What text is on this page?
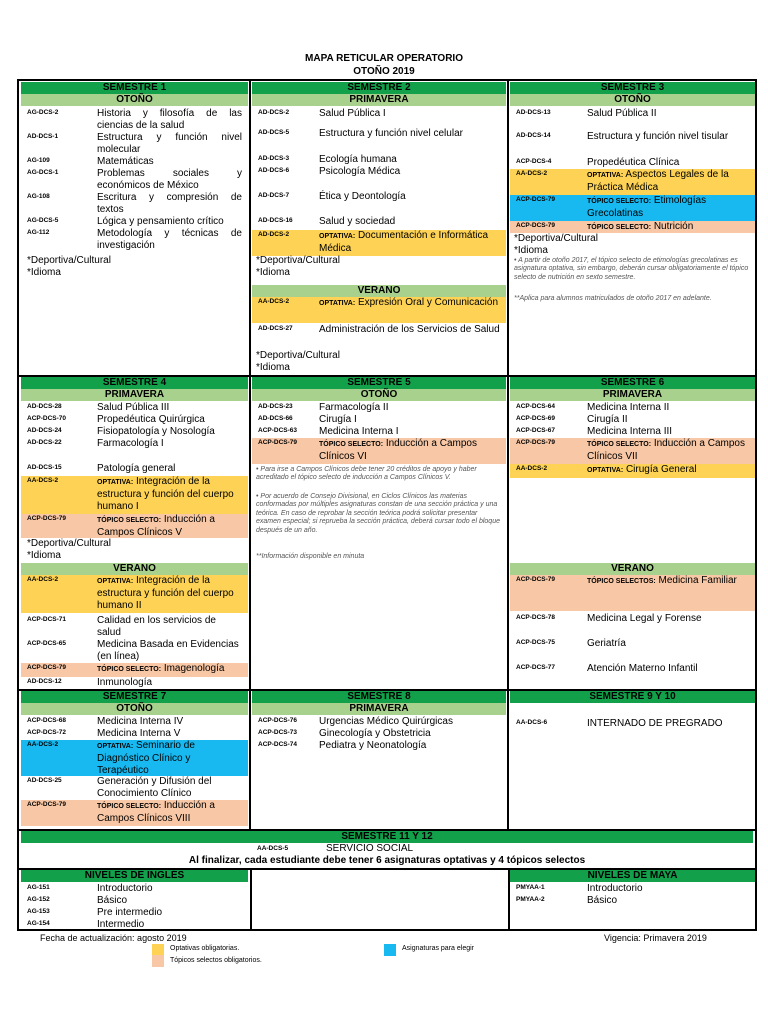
MAPA RETICULAR OPERATORIO
OTOÑO 2019
SEMESTRE 1
OTOÑO
AG-DCS-2	Historia y filosofía de las ciencias de la salud
AD-DCS-1	Estructura y función nivel molecular
AG-109	Matemáticas
AG-DCS-1	Problemas sociales y económicos de México
AG-108	Escritura y compresión de textos
AG-DCS-5	Lógica y pensamiento crítico
AG-112	Metodología y técnicas de investigación
*Deportiva/Cultural
*Idioma
SEMESTRE 2
PRIMAVERA
AD-DCS-2	Salud Pública I
AD-DCS-5	Estructura y función nivel celular
AD-DCS-3	Ecología humana
AD-DCS-6	Psicología Médica
AD-DCS-7	Ética y Deontología
AD-DCS-16	Salud y sociedad
AD-DCS-2	OPTATIVA: Documentación e Informática Médica
*Deportiva/Cultural
*Idioma
VERANO
AA-DCS-2	OPTATIVA: Expresión Oral y Comunicación
AD-DCS-27	Administración de los Servicios de Salud
*Deportiva/Cultural
*Idioma
SEMESTRE 3
OTOÑO
AD-DCS-13	Salud Pública II
AD-DCS-14	Estructura y función nivel tisular
ACP-DCS-4	Propedéutica Clínica
AA-DCS-2	OPTATIVA: Aspectos Legales de la Práctica Médica
ACP-DCS-79	TÓPICO SELECTO: Etimologías Grecolatinas
ACP-DCS-79	TÓPICO SELECTO: Nutrición
*Deportiva/Cultural
*Idioma
• A partir de otoño 2017, el tópico selecto de etimologías grecolatinas es asignatura optativa, sin embargo, deberán cursar obligatoriamente el tópico selecto de nutrición en sexto semestre.
**Aplica para alumnos matriculados de otoño 2017 en adelante.
SEMESTRE 4
PRIMAVERA
AD-DCS-28	Salud Pública III
ACP-DCS-70	Propedéutica Quirúrgica
AD-DCS-24	Fisiopatología y Nosología
AD-DCS-22	Farmacología I
AD-DCS-15	Patología general
AA-DCS-2	OPTATIVA: Integración de la estructura y función del cuerpo humano I
ACP-DCS-79	TÓPICO SELECTO: Inducción a Campos Clínicos V
*Deportiva/Cultural
*Idioma
VERANO
AA-DCS-2	OPTATIVA: Integración de la estructura y función del cuerpo humano II
ACP-DCS-71	Calidad en los servicios de salud
ACP-DCS-65	Medicina Basada en Evidencias (en línea)
ACP-DCS-79	TÓPICO SELECTO: Imagenología
AD-DCS-12	Inmunología
SEMESTRE 5
OTOÑO
AD-DCS-23	Farmacología II
AD-DCS-66	Cirugía I
ACP-DCS-63 Medicina Interna I
ACP-DCS-79	TÓPICO SELECTO: Inducción a Campos Clínicos VI
• Para irse a Campos Clínicos debe tener 20 créditos de apoyo y haber acreditado el tópico selecto de inducción a Campos Clínicos V.
• Por acuerdo de Consejo Divisional, en Ciclos Clínicos las materias conformadas por múltiples asignaturas constan de una sección práctica y una teórica. En caso de reprobar la sección teórica podrá solicitar presentar examen especial; si reprueba la sección práctica, deberá cursar todo el bloque después de un año.
**Información disponible en minuta
SEMESTRE 6
PRIMAVERA
ACP-DCS-64	Medicina Interna II
ACP-DCS-69	Cirugía II
ACP-DCS-67	Medicina Interna III
ACP-DCS-79	TÓPICO SELECTO: Inducción a Campos Clínicos VII
AA-DCS-2	OPTATIVA: Cirugía General
VERANO
ACP-DCS-79	TÓPICO SELECTOS: Medicina Familiar
ACP-DCS-78	Medicina Legal y Forense
ACP-DCS-75	Geriatría
ACP-DCS-77	Atención Materno Infantil
SEMESTRE 7
OTOÑO
ACP-DCS-68	Medicina Interna IV
ACP-DCS-72	Medicina Interna V
AA-DCS-2	OPTATIVA: Seminario de Diagnóstico Clínico y Terapéutico
AD-DCS-25	Generación y Difusión del Conocimiento Clínico
ACP-DCS-79	TÓPICO SELECTO: Inducción a Campos Clínicos VIII
SEMESTRE 8
PRIMAVERA
ACP-DCS-76 Urgencias Médico Quirúrgicas
ACP-DCS-73 Ginecología y Obstetricia
ACP-DCS-74 Pediatra y Neonatología
SEMESTRE 9 Y 10
AA-DCS-6	INTERNADO DE PREGRADO
SEMESTRE 11 Y 12
AA-DCS-5	SERVICIO SOCIAL
Al finalizar, cada estudiante debe tener 6 asignaturas optativas y 4 tópicos selectos
NIVELES DE INGLÉS
AG-151	Introductorio
AG-152	Básico
AG-153	Pre intermedio
AG-154	Intermedio
NIVELES DE MAYA
PMYAA-1	Introductorio
PMYAA-2	Básico
Fecha de actualización: agosto 2019	Vigencia: Primavera 2019
Optativas obligatorias.
Tópicos selectos obligatorios.
Asignaturas para elegir
